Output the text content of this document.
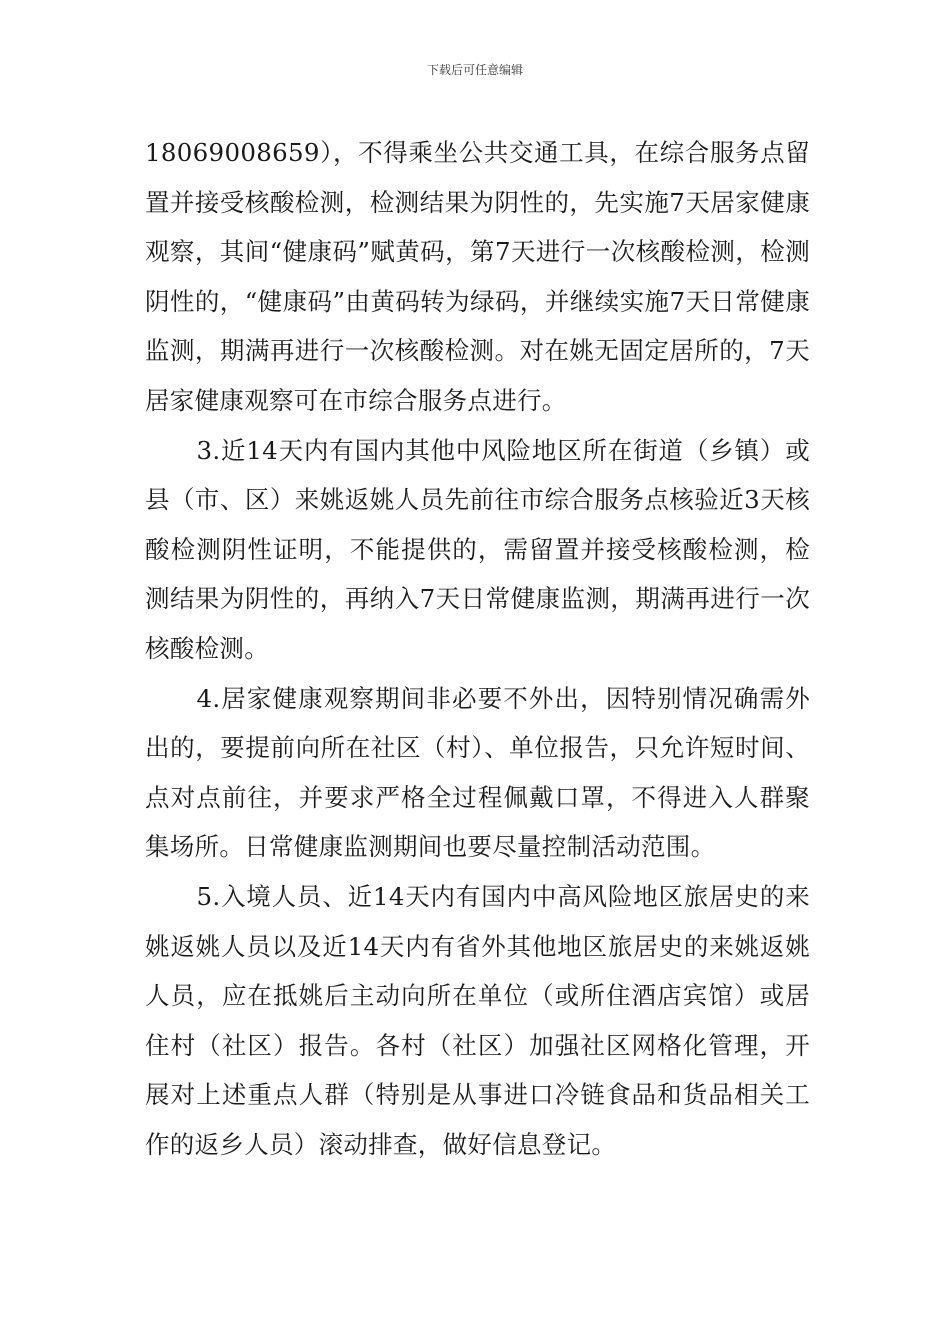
下载后可任意编辑

18069008659），不得乘坐公共交通工具，在综合服务点留置并接受核酸检测，检测结果为阴性的，先实施7天居家健康观察，其间“健康码”赋黄码，第7天进行一次核酸检测，检测阴性的，“健康码”由黄码转为绿码，并继续实施7天日常健康监测，期满再进行一次核酸检测。对在姚无固定居所的，7天居家健康观察可在市综合服务点进行。

3.近14天内有国内其他中风险地区所在街道（乡镇）或县（市、区）来姚返姚人员先前往市综合服务点核验近3天核酸检测阴性证明，不能提供的，需留置并接受核酸检测，检测结果为阴性的，再纳入7天日常健康监测，期满再进行一次核酸检测。

4.居家健康观察期间非必要不外出，因特别情况确需外出的，要提前向所在社区（村）、单位报告，只允许短时间、点对点前往，并要求严格全过程佩戴口罩，不得进入人群聚集场所。日常健康监测期间也要尽量控制活动范围。

5.入境人员、近14天内有国内中高风险地区旅居史的来姚返姚人员以及近14天内有省外其他地区旅居史的来姚返姚人员，应在抵姚后主动向所在单位（或所住酒店宾馆）或居住村（社区）报告。各村（社区）加强社区网格化管理，开展对上述重点人群（特别是从事进口冷链食品和货品相关工作的返乡人员）滚动排查，做好信息登记。
